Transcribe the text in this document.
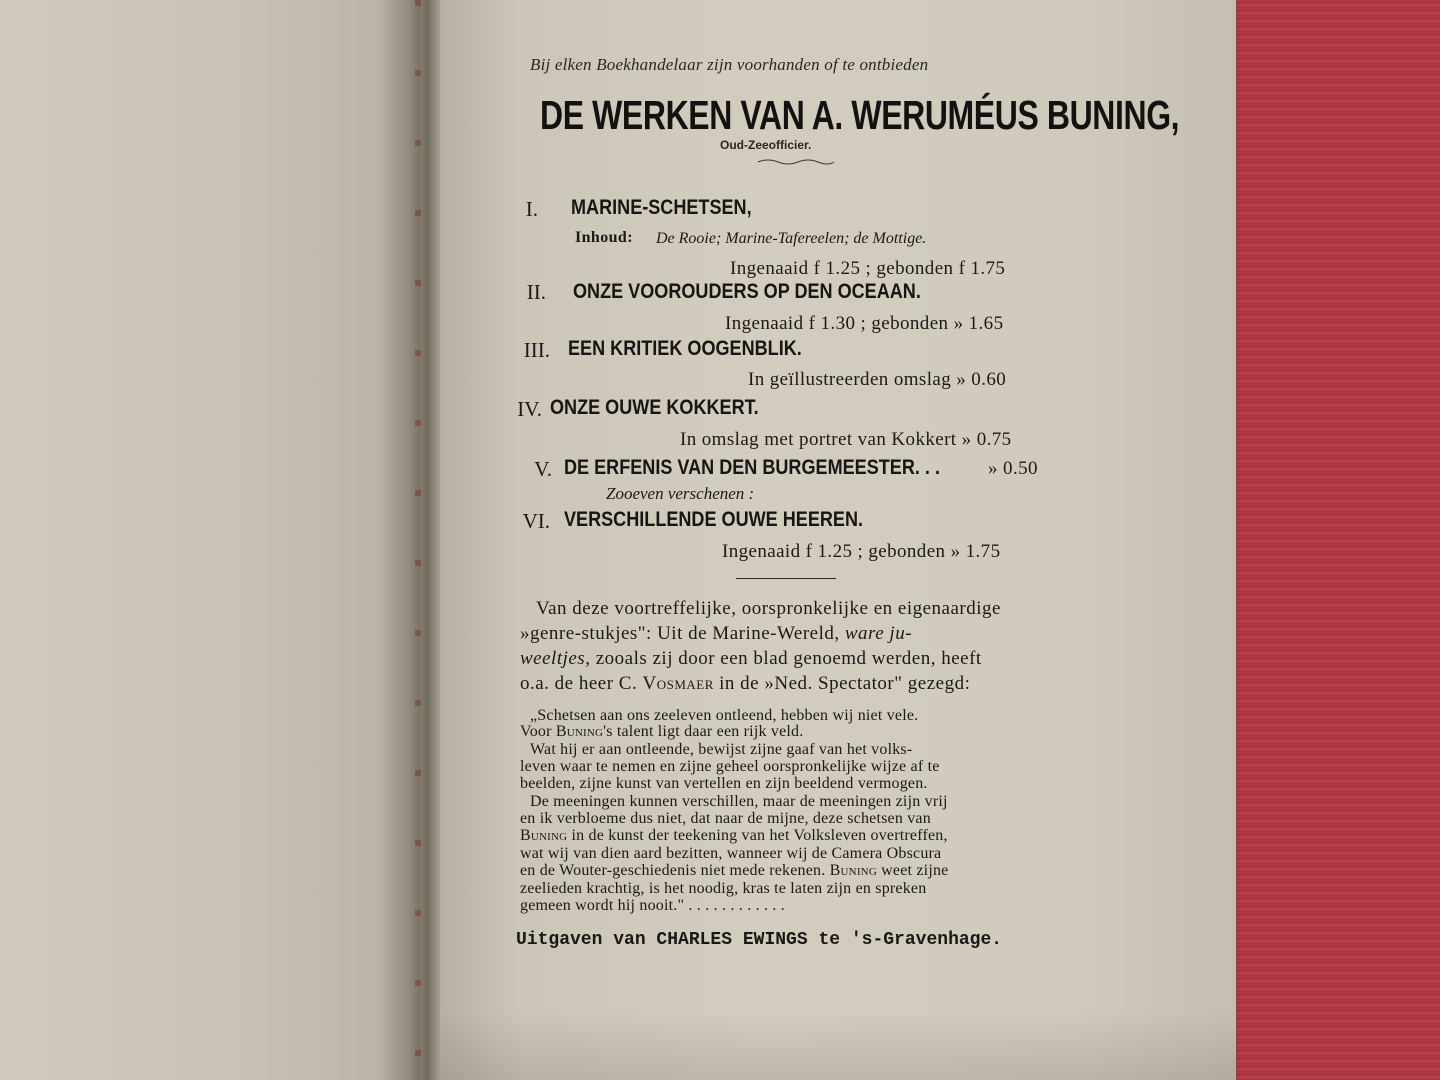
Bij elken Boekhandelaar zijn voorhanden of te ontbieden
DE WERKEN VAN A. WERUMÉUS BUNING,
Oud-Zeeofficier.
I. MARINE-SCHETSEN,
Inhoud: De Rooie; Marine-Tafereelen; de Mottige.
Ingenaaid f 1.25 ; gebonden f 1.75
II. ONZE VOOROUDERS OP DEN OCEAAN.
Ingenaaid f 1.30 ; gebonden » 1.65
III. EEN KRITIEK OOGENBLIK.
In geïllustreerden omslag » 0.60
IV. ONZE OUWE KOKKERT.
In omslag met portret van Kokkert » 0.75
V. DE ERFENIS VAN DEN BURGEMEESTER. . .	» 0.50
Zooeven verschenen :
VI. VERSCHILLENDE OUWE HEEREN.
Ingenaaid f 1.25 ; gebonden » 1.75
Van deze voortreffelijke, oorspronkelijke en eigenaardige
»genre-stukjes": Uit de Marine-Wereld, ware ju-
weeltjes, zooals zij door een blad genoemd werden, heeft
o.a. de heer C. Vosmaer in de »Ned. Spectator" gezegd:
„Schetsen aan ons zeeleven ontleend, hebben wij niet vele.
Voor Buning's talent ligt daar een rijk veld.
Wat hij er aan ontleende, bewijst zijne gaaf van het volks-
leven waar te nemen en zijne geheel oorspronkelijke wijze af te
beelden, zijne kunst van vertellen en zijn beeldend vermogen.
De meeningen kunnen verschillen, maar de meeningen zijn vrij
en ik verbloeme dus niet, dat naar de mijne, deze schetsen van
Buning in de kunst der teekening van het Volksleven overtreffen,
wat wij van dien aard bezitten, wanneer wij de Camera Obscura
en de Wouter-geschiedenis niet mede rekenen. Buning weet zijne
zeelieden krachtig, is het noodig, kras te laten zijn en spreken
gemeen wordt hij nooit." . . . . . . . . . . . .
Uitgaven van CHARLES EWINGS te 's-Gravenhage.
